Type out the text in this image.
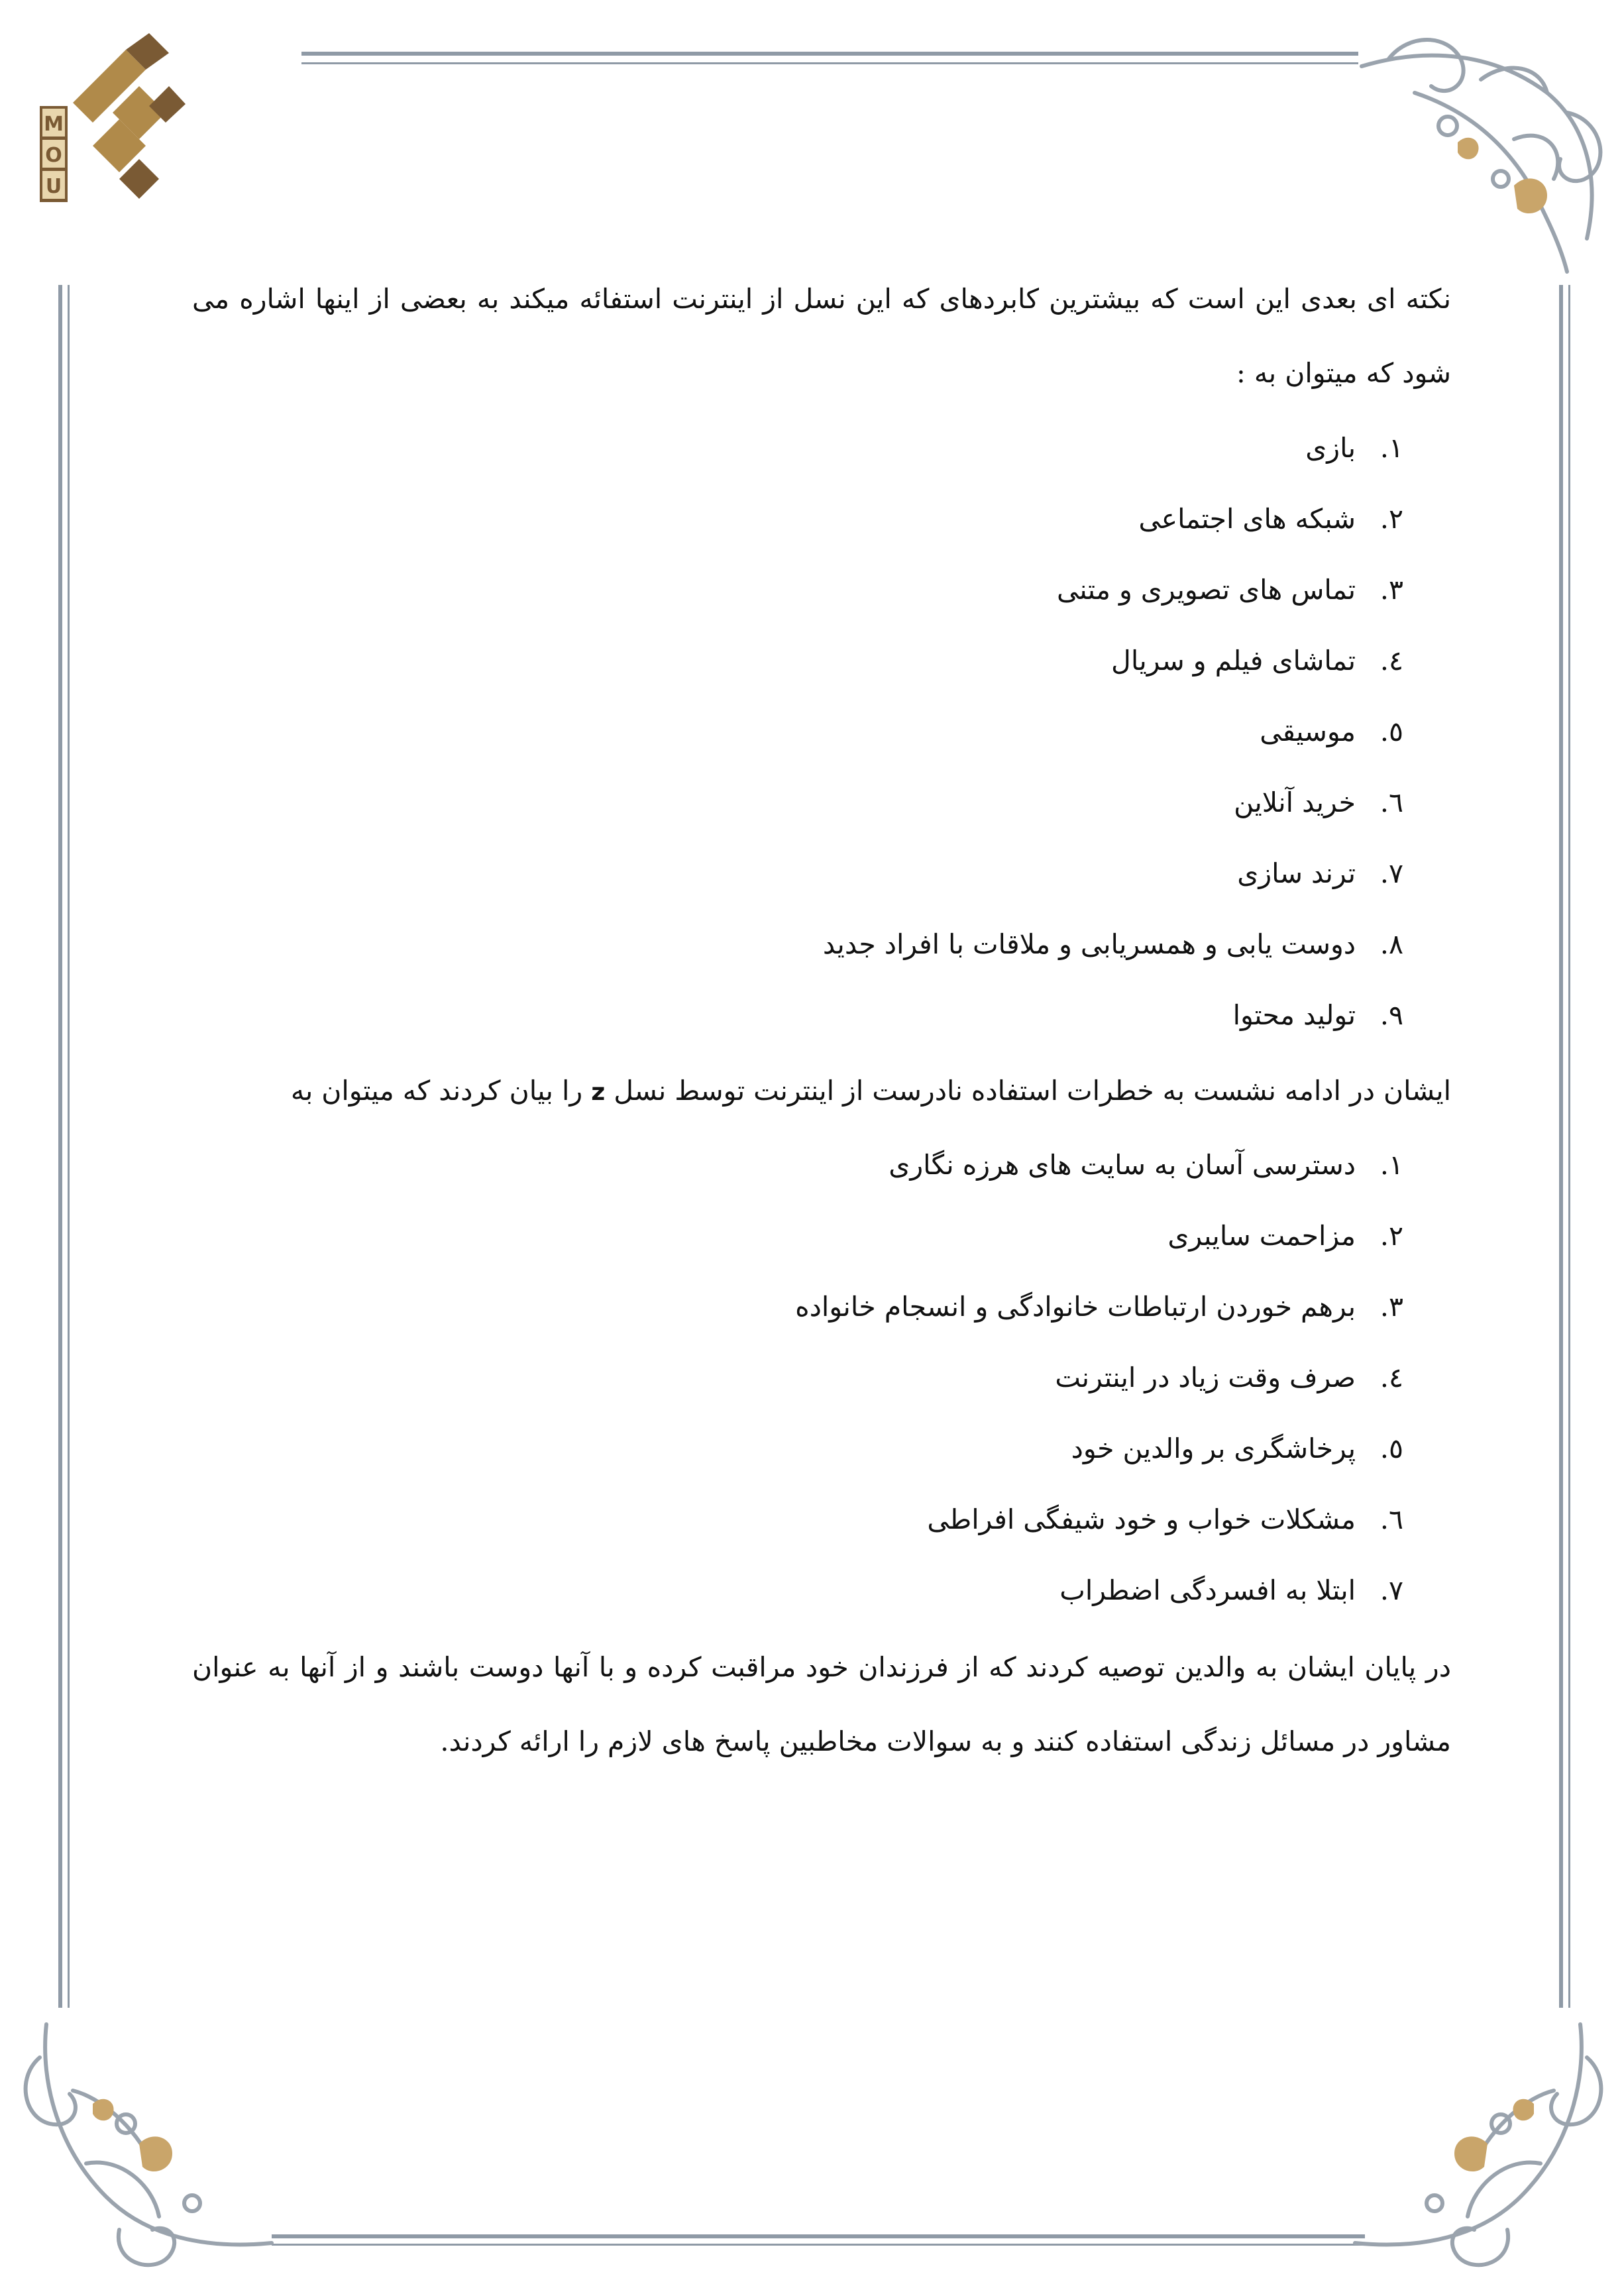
M
O
U

نکته ای بعدی این است که بیشترین کابردهای که این نسل از اینترنت استفائه میکند به بعضی از اینها اشاره می شود که میتوان به :

۱.
بازی
۲.
شبکه های اجتماعی
۳.
تماس های تصویری و متنی
٤.
تماشای فیلم و سریال
٥.
موسیقی
٦.
خرید آنلاین
۷.
ترند سازی
۸.
دوست یابی و همسریابی و ملاقات با افراد جدید
۹.
تولید محتوا

ایشان در ادامه نشست به خطرات استفاده نادرست از اینترنت توسط نسل z را بیان کردند که میتوان به

۱.
دسترسی آسان به سایت های هرزه نگاری
۲.
مزاحمت سایبری
۳.
برهم خوردن ارتباطات خانوادگی و انسجام خانواده
٤.
صرف وقت زیاد در اینترنت
٥.
پرخاشگری بر والدین خود
٦.
مشکلات خواب و خود شیفگی افراطی
۷.
ابتلا به افسردگی اضطراب

در پایان ایشان به والدین توصیه کردند که از فرزندان خود مراقبت کرده و با آنها دوست باشند و از آنها به عنوان مشاور در مسائل زندگی استفاده کنند و به سوالات مخاطبین پاسخ های لازم را ارائه کردند.
